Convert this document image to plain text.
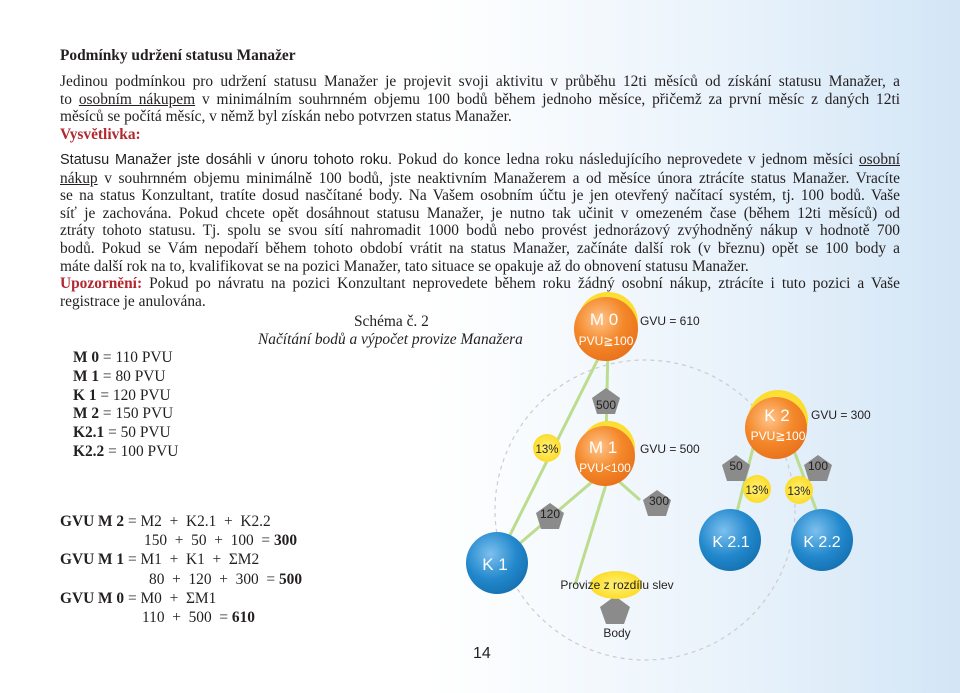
Podmínky udržení statusu Manažer
Jedinou podmínkou pro udržení statusu Manažer je projevit svoji aktivitu v průběhu 12ti měsíců od získání statusu Manažer, a
to osobním nákupem v minimálním souhrnném objemu 100 bodů během jednoho měsíce, přičemž za první měsíc z daných 12ti
měsíců se počítá měsíc, v němž byl získán nebo potvrzen status Manažer.
Vysvětlivka:
Statusu Manažer jste dosáhli v únoru tohoto roku. Pokud do konce ledna roku následujícího neprovedete v jednom měsíci osobní
nákup v souhrnném objemu minimálně 100 bodů, jste neaktivním Manažerem a od měsíce února ztrácíte status Manažer. Vracíte
se na status Konzultant, tratíte dosud nasčítané body. Na Vašem osobním účtu je jen otevřený načítací systém, tj. 100 bodů. Vaše
síť je zachována. Pokud chcete opět dosáhnout statusu Manažer, je nutno tak učinit v omezeném čase (během 12ti měsíců) od
ztráty tohoto statusu. Tj. spolu se svou sítí nahromadit 1000 bodů nebo provést jednorázový zvýhodněný nákup v hodnotě 700
bodů. Pokud se Vám nepodaří během tohoto období vrátit na status Manažer, začínáte další rok (v březnu) opět se 100 body a
máte další rok na to, kvalifikovat se na pozici Manažer, tato situace se opakuje až do obnovení statusu Manažer.
Upozornění: Pokud po návratu na pozici Konzultant neprovedete během roku žádný osobní nákup, ztrácíte i tuto pozici a Vaše
registrace je anulována.
Schéma č. 2
Načítání bodů a výpočet provize Manažera
M 0 = 110 PVU
M 1 = 80 PVU
K 1 = 120 PVU
M 2 = 150 PVU
K2.1 = 50 PVU
K2.2 = 100 PVU
GVU M 2 = M2  +  K2.1  +  K2.2
150  +  50  +  100  = 300
GVU M 1 = M1  +  K1  +  ΣM2
80  +  120  +  300  = 500
GVU M 0 = M0  +  ΣM1
110  +  500  = 610
14
M 0
PVU≧100
GVU = 610
M 1
PVU<100
GVU = 500
K 2
PVU≧100
GVU = 300
K 1
K 2.1	K 2.2
500
300
120
50	100
13%
13% 13%
Provize z rozdílu slev
Body
